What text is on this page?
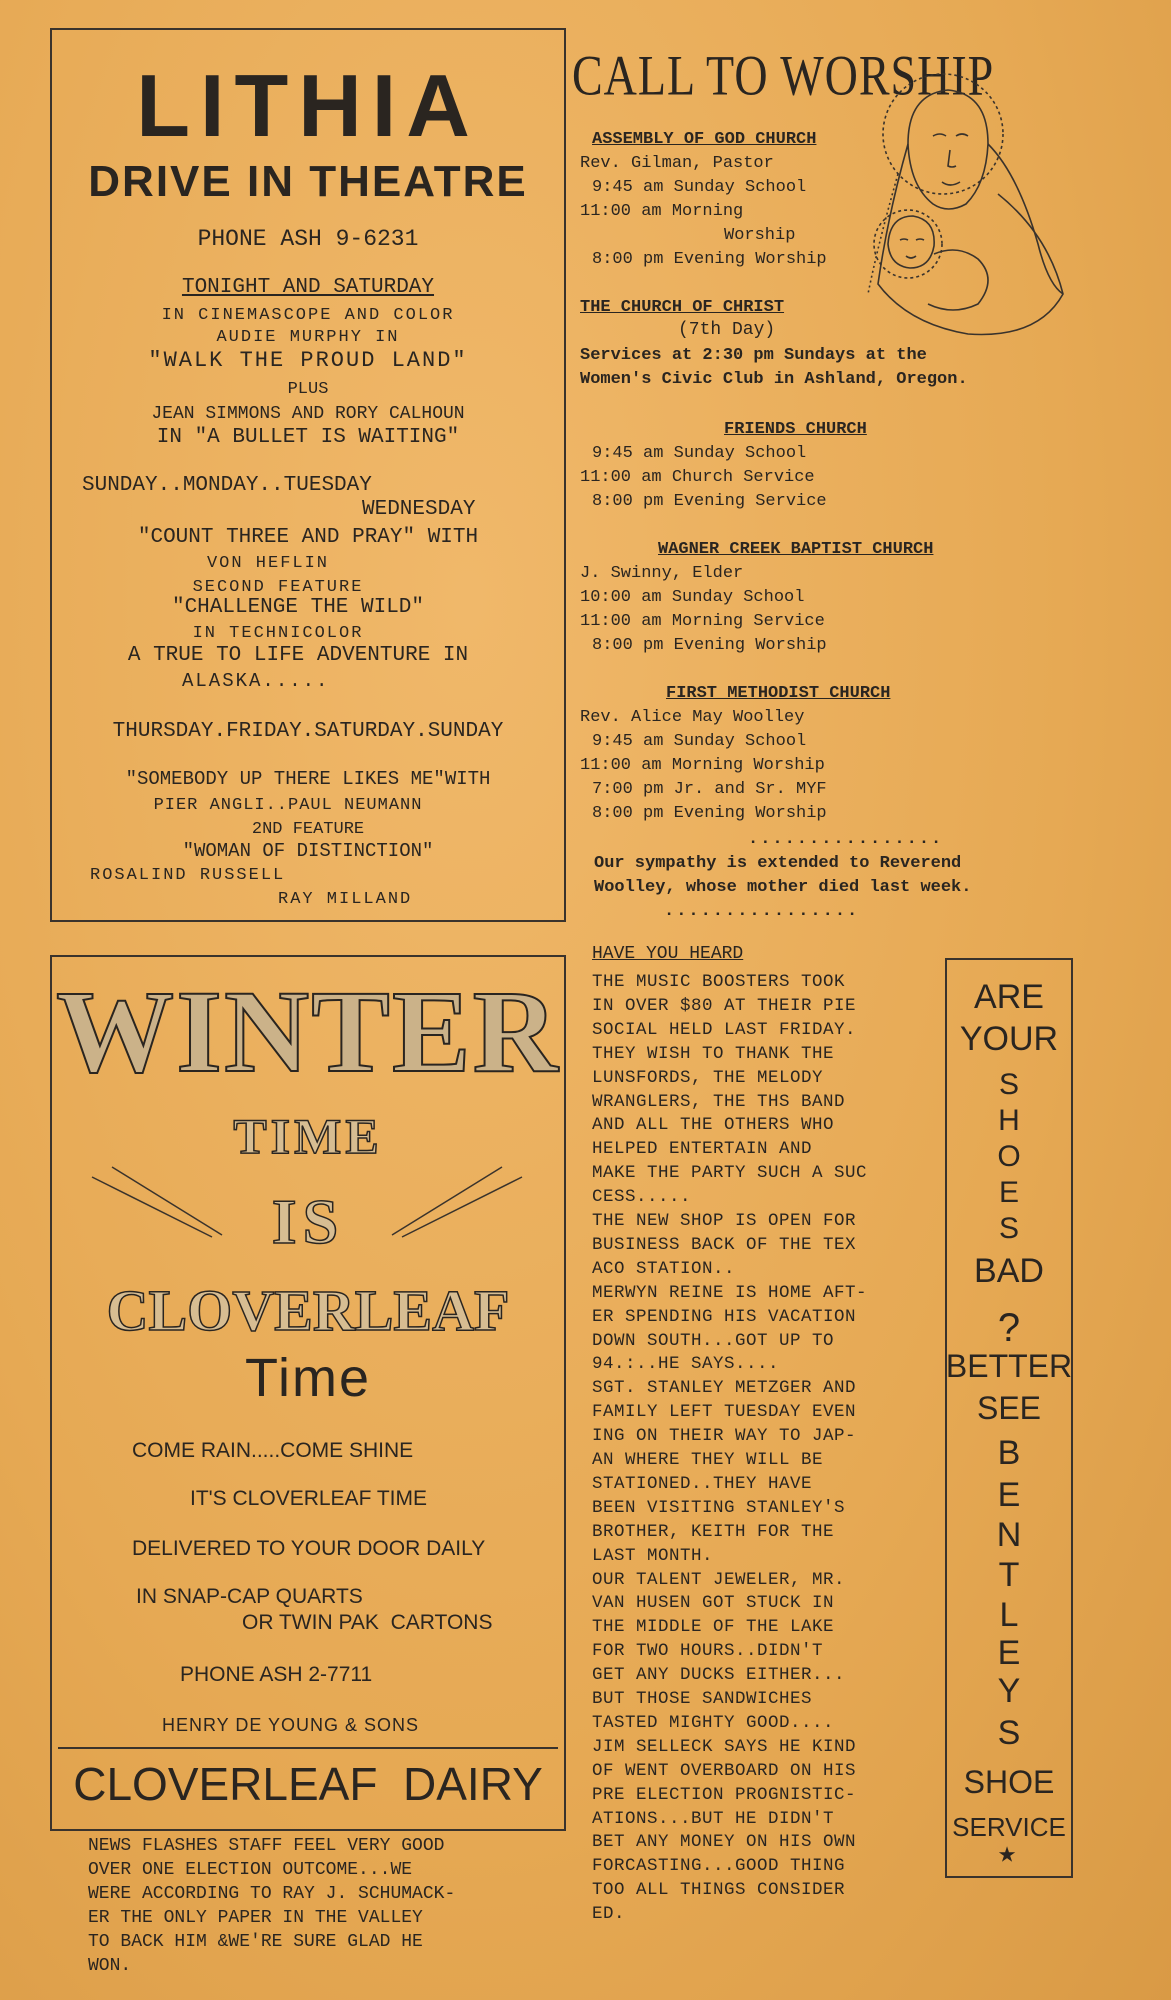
LITHIA
DRIVE IN THEATRE
PHONE ASH 9-6231
TONIGHT AND SATURDAY
IN CINEMASCOPE AND COLOR
AUDIE MURPHY IN
"WALK THE PROUD LAND"
PLUS
JEAN SIMMONS AND RORY CALHOUN
IN "A BULLET IS WAITING"
SUNDAY..MONDAY..TUESDAY
WEDNESDAY
"COUNT THREE AND PRAY" WITH
VON HEFLIN
SECOND FEATURE
"CHALLENGE THE WILD"
IN TECHNICOLOR
A TRUE TO LIFE ADVENTURE IN
ALASKA.....
THURSDAY.FRIDAY.SATURDAY.SUNDAY
"SOMEBODY UP THERE LIKES ME"WITH
PIER ANGLI..PAUL NEUMANN
2ND FEATURE
"WOMAN OF DISTINCTION"
ROSALIND RUSSELL
RAY MILLAND
CALL TO WORSHIP
ASSEMBLY OF GOD CHURCH
Rev. Gilman, Pastor
9:45 am Sunday School
11:00 am Morning
Worship
8:00 pm Evening Worship
THE CHURCH OF CHRIST
(7th Day)
Services at 2:30 pm Sundays at the
Women's Civic Club in Ashland, Oregon.
FRIENDS CHURCH
9:45 am Sunday School
11:00 am Church Service
8:00 pm Evening Service
WAGNER CREEK BAPTIST CHURCH
J. Swinny, Elder
10:00 am Sunday School
11:00 am Morning Service
8:00 pm Evening Worship
FIRST METHODIST CHURCH
Rev. Alice May Woolley
9:45 am Sunday School
11:00 am Morning Worship
7:00 pm Jr. and Sr. MYF
8:00 pm Evening Worship
................
Our sympathy is extended to Reverend
Woolley, whose mother died last week.
................
WINTER
TIME
IS
CLOVERLEAF
Time
COME RAIN.....COME SHINE
IT'S CLOVERLEAF TIME
DELIVERED TO YOUR DOOR DAILY
IN SNAP-CAP QUARTS
OR TWIN PAK  CARTONS
PHONE ASH 2-7711
HENRY DE YOUNG & SONS
CLOVERLEAF  DAIRY
NEWS FLASHES STAFF FEEL VERY GOOD
OVER ONE ELECTION OUTCOME...WE
WERE ACCORDING TO RAY J. SCHUMACK-
ER THE ONLY PAPER IN THE VALLEY
TO BACK HIM &WE'RE SURE GLAD HE
WON.
HAVE YOU HEARD
THE MUSIC BOOSTERS TOOK
IN OVER $80 AT THEIR PIE
SOCIAL HELD LAST FRIDAY.
THEY WISH TO THANK THE
LUNSFORDS, THE MELODY
WRANGLERS, THE THS BAND
AND ALL THE OTHERS WHO
HELPED ENTERTAIN AND
MAKE THE PARTY SUCH A SUC
CESS.....
THE NEW SHOP IS OPEN FOR
BUSINESS BACK OF THE TEX
ACO STATION..
MERWYN REINE IS HOME AFT-
ER SPENDING HIS VACATION
DOWN SOUTH...GOT UP TO
94.:..HE SAYS....
SGT. STANLEY METZGER AND
FAMILY LEFT TUESDAY EVEN
ING ON THEIR WAY TO JAP-
AN WHERE THEY WILL BE
STATIONED..THEY HAVE
BEEN VISITING STANLEY'S
BROTHER, KEITH FOR THE
LAST MONTH.
OUR TALENT JEWELER, MR.
VAN HUSEN GOT STUCK IN
THE MIDDLE OF THE LAKE
FOR TWO HOURS..DIDN'T
GET ANY DUCKS EITHER...
BUT THOSE SANDWICHES
TASTED MIGHTY GOOD....
JIM SELLECK SAYS HE KIND
OF WENT OVERBOARD ON HIS
PRE ELECTION PROGNISTIC-
ATIONS...BUT HE DIDN'T
BET ANY MONEY ON HIS OWN
FORCASTING...GOOD THING
TOO ALL THINGS CONSIDER
ED.
ARE
YOUR
S
H
O
E
S
BAD
?
BETTER
SEE
B
E
N
T
L
E
Y
S
SHOE
SERVICE
★
